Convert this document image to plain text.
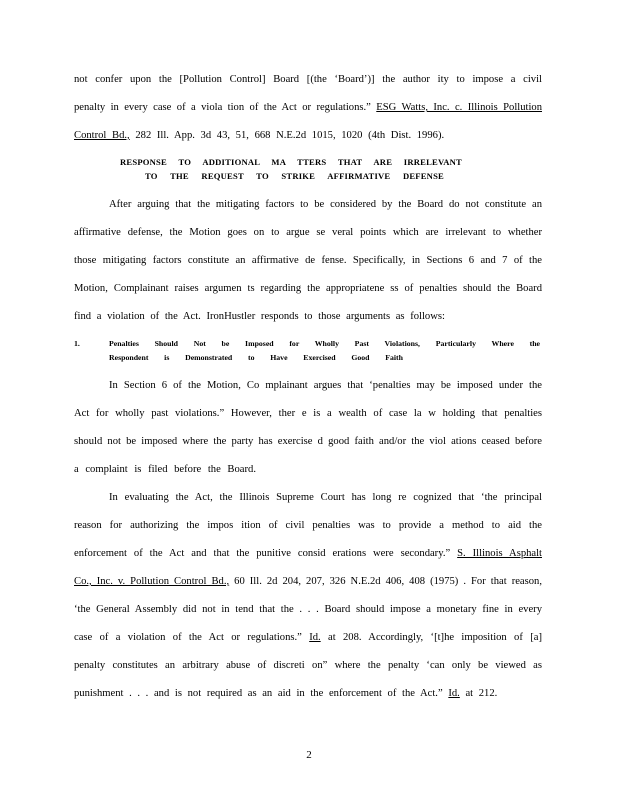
not confer upon the [Pollution Control] Board [(the ‘Board’)] the author ity to impose a civil
penalty in every case of a viola tion of the Act or regulations.” ESG Watts, Inc. c. Illinois Pollution
Control Bd., 282 Ill. App. 3d 43, 51, 668 N.E.2d 1015, 1020 (4th Dist. 1996).
RESPONSE TO ADDITIONAL MA TTERS THAT ARE IRRELEVANT
TO THE REQUEST TO STRIKE AFFIRMATIVE DEFENSE
After arguing that the mitigating factors to be considered by the Board do not constitute an
affirmative defense, the Motion goes on to argue se veral points which are irrelevant to whether
those mitigating factors constitute an affirmative de fense. Specifically, in Sections 6 and 7 of the
Motion, Complainant raises argumen ts regarding the appropriatene ss of penalties should the Board
find a violation of the Act. IronHustler responds to those arguments as follows:
1.	Penalties Should Not be Imposed for Wholly Past Violations, Particularly Where the
Respondent is Demonstrated to Have Exercised Good Faith
In Section 6 of the Motion, Co mplainant argues that ‘penalties may be imposed under the
Act for wholly past violations.” However, ther e is a wealth of case la w holding that penalties
should not be imposed where the party has exercise d good faith and/or the viol ations ceased before
a complaint is filed before the Board.
In evaluating the Act, the Illinois Supreme Court has long re cognized that ‘the principal
reason for authorizing the impos ition of civil penalties was to provide a method to aid the
enforcement of the Act and that the punitive consid erations were secondary.” S. Illinois Asphalt
Co., Inc. v. Pollution Control Bd., 60 Ill. 2d 204, 207, 326 N.E.2d 406, 408 (1975) . For that reason,
‘the General Assembly did not in tend that the . . . Board should impose a monetary fine in every
case of a violation of the Act or regulations.” Id. at 208. Accordingly, ‘[t]he imposition of [a]
penalty constitutes an arbitrary abuse of discreti on” where the penalty ‘can only be viewed as
punishment . . . and is not required as an aid in the enforcement of the Act.” Id. at 212.
2
